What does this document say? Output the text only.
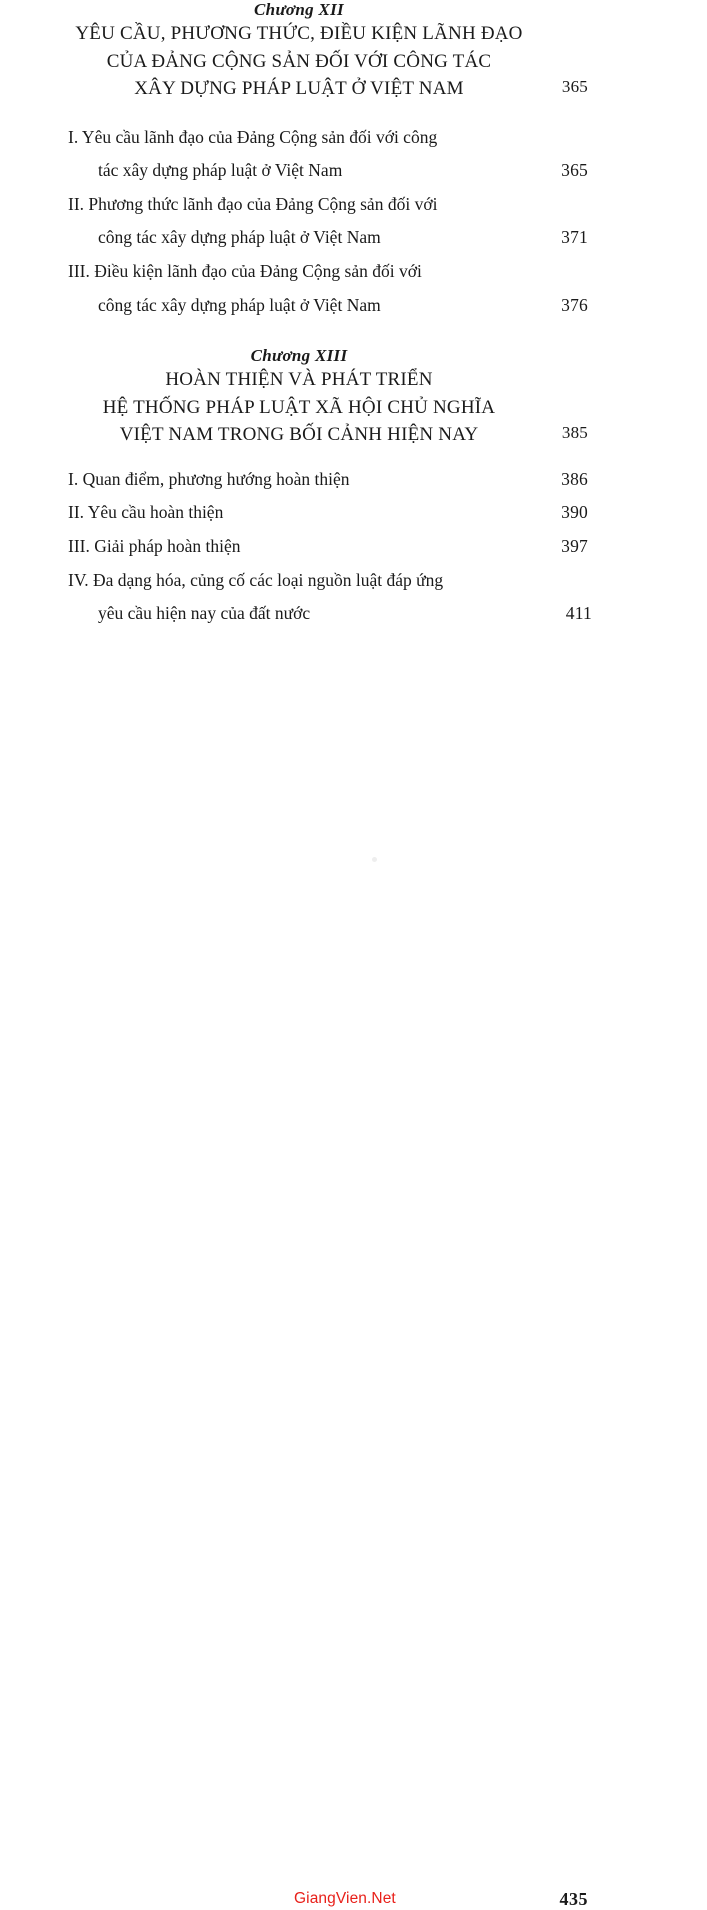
Chương XII
YÊU CẦU, PHƯƠNG THỨC, ĐIỀU KIỆN LÃNH ĐẠO
CỦA ĐẢNG CỘNG SẢN ĐỐI VỚI CÔNG TÁC
XÂY DỰNG PHÁP LUẬT Ở VIỆT NAM	365
I. Yêu cầu lãnh đạo của Đảng Cộng sản đối với công
tác xây dựng pháp luật ở Việt Nam	365
II. Phương thức lãnh đạo của Đảng Cộng sản đối với
công tác xây dựng pháp luật ở Việt Nam	371
III. Điều kiện lãnh đạo của Đảng Cộng sản đối với
công tác xây dựng pháp luật ở Việt Nam	376
Chương XIII
HOÀN THIỆN VÀ PHÁT TRIỂN
HỆ THỐNG PHÁP LUẬT XÃ HỘI CHỦ NGHĨA
VIỆT NAM TRONG BỐI CẢNH HIỆN NAY	385
I. Quan điểm, phương hướng hoàn thiện	386
II. Yêu cầu hoàn thiện	390
III. Giải pháp hoàn thiện	397
IV. Đa dạng hóa, củng cố các loại nguồn luật đáp ứng
yêu cầu hiện nay của đất nước	411
GiangVien.Net	435
